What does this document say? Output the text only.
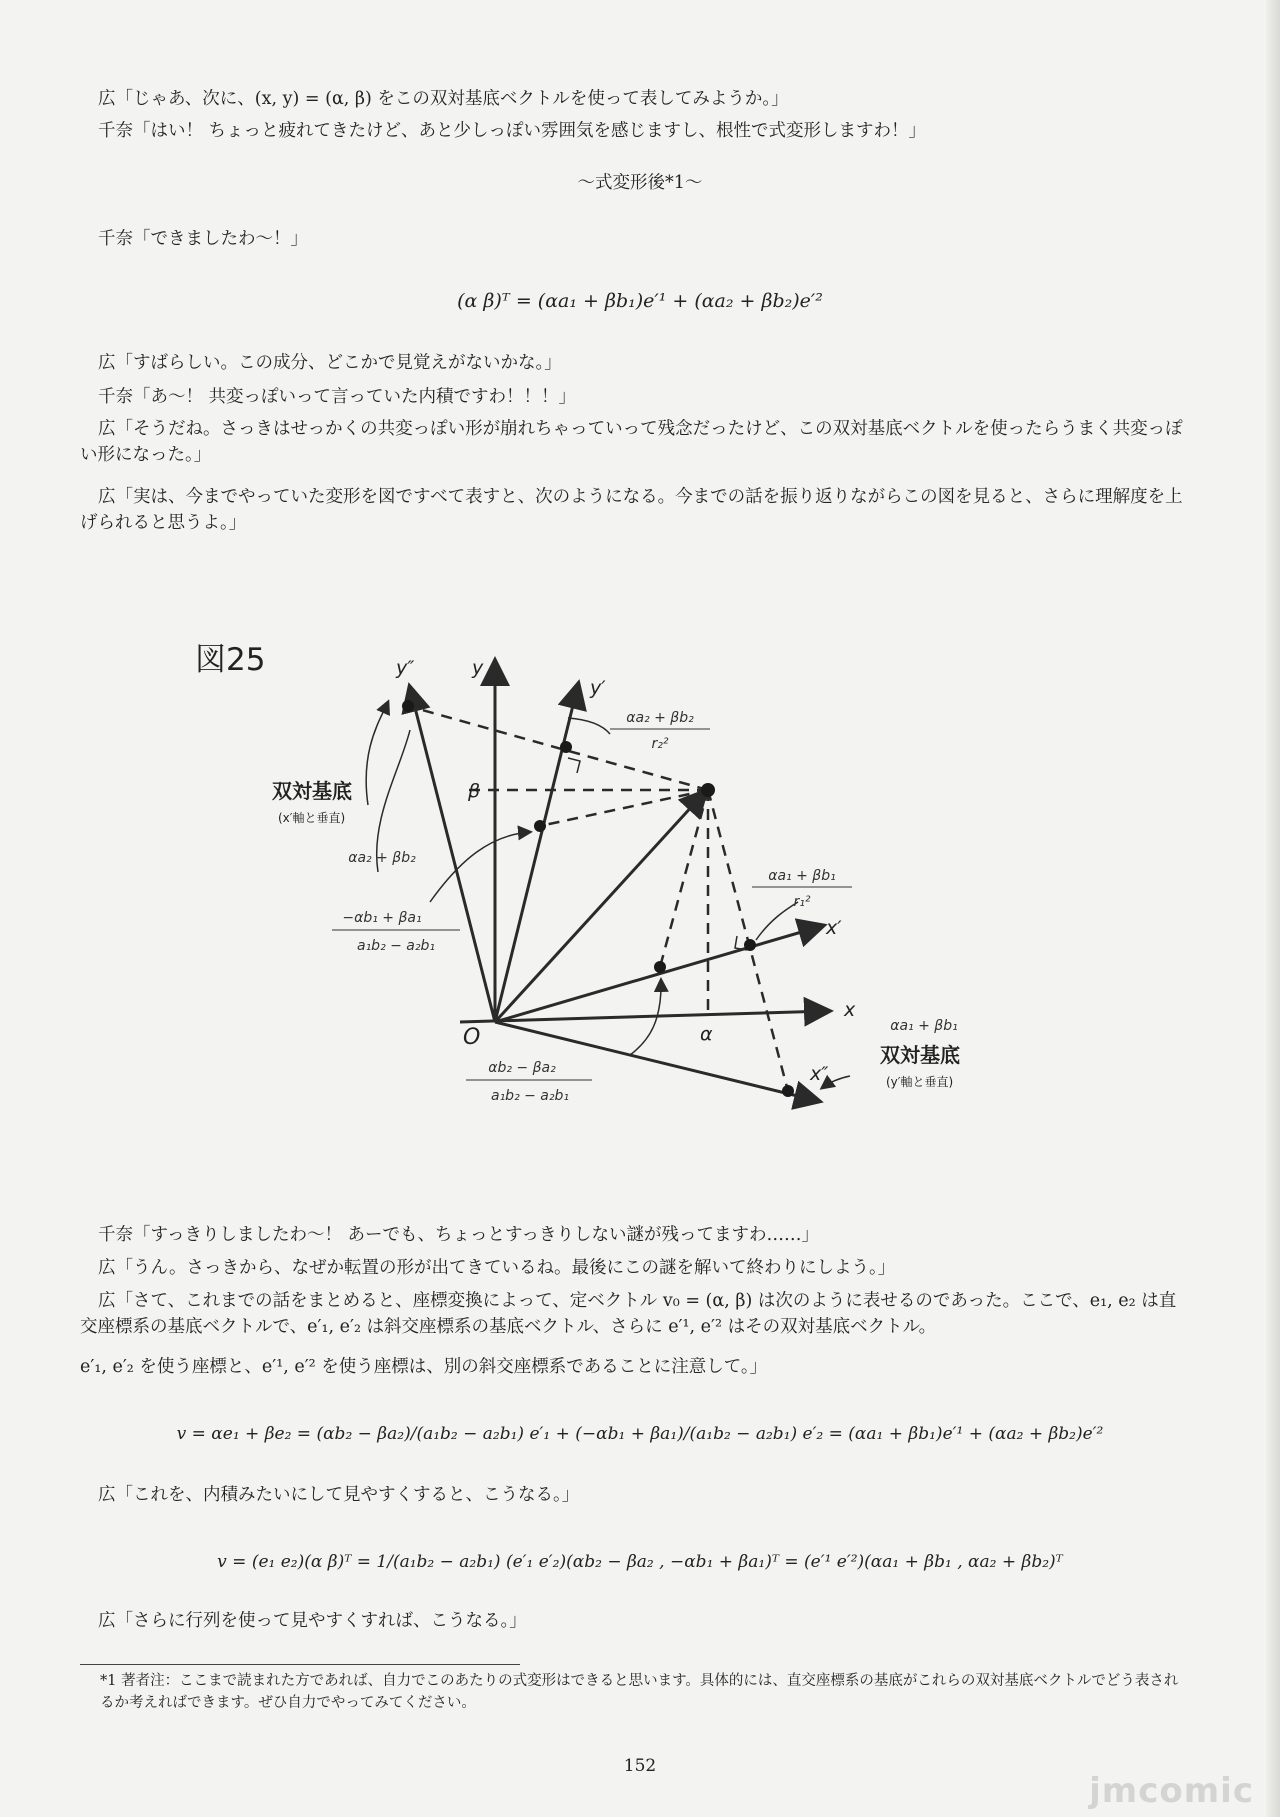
広「じゃあ、次に、(x, y) = (α, β) をこの双対基底ベクトルを使って表してみようか。」
千奈「はい！ ちょっと疲れてきたけど、あと少しっぽい雰囲気を感じますし、根性で式変形しますわ！」
〜式変形後*1〜
千奈「できましたわ〜！」
(α β)ᵀ = (αa₁ + βb₁)e′¹ + (αa₂ + βb₂)e′²
広「すばらしい。この成分、どこかで見覚えがないかな。」
千奈「あ〜！ 共変っぽいって言っていた内積ですわ！！！」
広「そうだね。さっきはせっかくの共変っぽい形が崩れちゃっていって残念だったけど、この双対基底ベクトルを使ったらうまく共変っぽい形になった。」
広「実は、今までやっていた変形を図ですべて表すと、次のようになる。今までの話を振り返りながらこの図を見ると、さらに理解度を上げられると思うよ。」
図25	y″	y
y′
x′
x
x″
O
β
α
双対基底
(x′軸と垂直)
双対基底
(y′軸と垂直)
αa₂ + βb₂
r₂²
αa₁ + βb₁
r₁²
αa₂ + βb₂
−αb₁ + βa₁
a₁b₂ − a₂b₁
αb₂ − βa₂
a₁b₂ − a₂b₁
αa₁ + βb₁
千奈「すっきりしましたわ〜！ あーでも、ちょっとすっきりしない謎が残ってますわ……」
広「うん。さっきから、なぜか転置の形が出てきているね。最後にこの謎を解いて終わりにしよう。」
広「さて、これまでの話をまとめると、座標変換によって、定ベクトル v₀ = (α, β) は次のように表せるのであった。ここで、e₁, e₂ は直交座標系の基底ベクトルで、e′₁, e′₂ は斜交座標系の基底ベクトル、さらに e′¹, e′² はその双対基底ベクトル。
e′₁, e′₂ を使う座標と、e′¹, e′² を使う座標は、別の斜交座標系であることに注意して。」
v = αe₁ + βe₂ = (αb₂ − βa₂)/(a₁b₂ − a₂b₁) e′₁ + (−αb₁ + βa₁)/(a₁b₂ − a₂b₁) e′₂ = (αa₁ + βb₁)e′¹ + (αa₂ + βb₂)e′²
広「これを、内積みたいにして見やすくすると、こうなる。」
v = (e₁ e₂)(α β)ᵀ = 1/(a₁b₂ − a₂b₁) (e′₁ e′₂)(αb₂ − βa₂ , −αb₁ + βa₁)ᵀ = (e′¹ e′²)(αa₁ + βb₁ , αa₂ + βb₂)ᵀ
広「さらに行列を使って見やすくすれば、こうなる。」
*1 著者注：ここまで読まれた方であれば、自力でこのあたりの式変形はできると思います。具体的には、直交座標系の基底がこれらの双対基底ベクトルでどう表されるか考えればできます。ぜひ自力でやってみてください。
152
jmcomic
